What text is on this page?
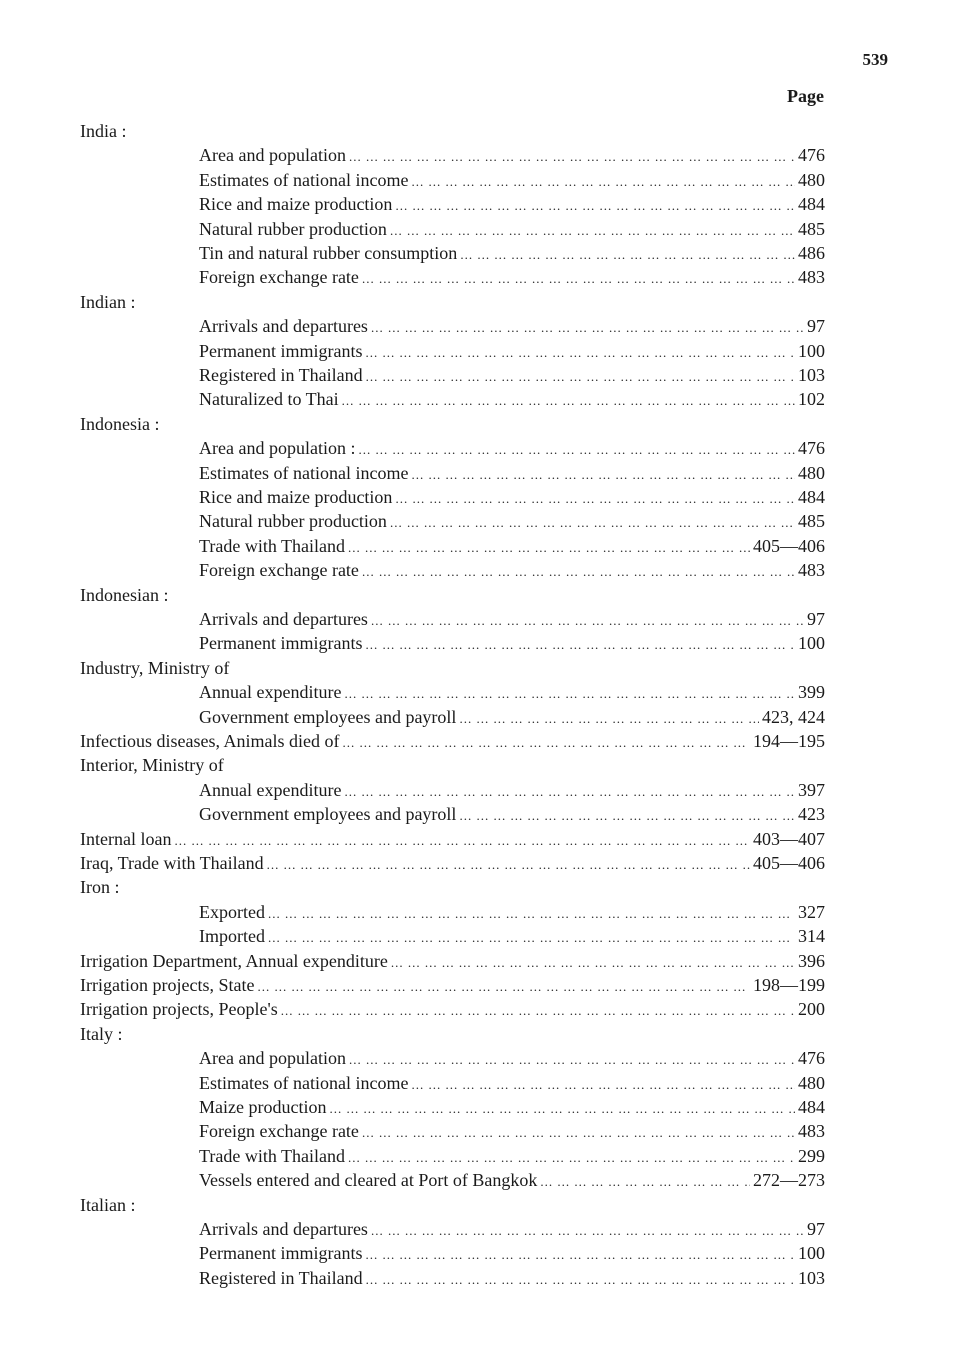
539
Page
India :
Area and population ... .	476
Estimates of national income ... .	480
Rice and maize production ... .	484
Natural rubber production ... .	485
Tin and natural rubber consumption ... .	486
Foreign exchange rate ... .	483
Indian :
Arrivals and departures ... .	97
Permanent immigrants ... .	100
Registered in Thailand ... .	103
Naturalized to Thai ... .	102
Indonesia :
Area and population : ... .	476
Estimates of national income ... .	480
Rice and maize production ... .	484
Natural rubber production ... .	485
Trade with Thailand ... .	405—406
Foreign exchange rate ... .	483
Indonesian :
Arrivals and departures ... .	97
Permanent immigrants ... .	100
Industry, Ministry of
Annual expenditure ... .	399
Government employees and payroll ... .	423, 424
Infectious diseases, Animals died of ... .	194—195
Interior, Ministry of
Annual expenditure ... .	397
Government employees and payroll ... .	423
Internal loan ... .	403—407
Iraq, Trade with Thailand ... .	405—406
Iron :
Exported ... .	327
Imported ... .	314
Irrigation Department, Annual expenditure ... .	396
Irrigation projects, State ... .	198—199
Irrigation projects, People's ... .	200
Italy :
Area and population ... .	476
Estimates of national income ... .	480
Maize production ... .	484
Foreign exchange rate ... .	483
Trade with Thailand ... .	299
Vessels entered and cleared at Port of Bangkok ... .	272—273
Italian :
Arrivals and departures ... .	97
Permanent immigrants ... .	100
Registered in Thailand ... .	103
